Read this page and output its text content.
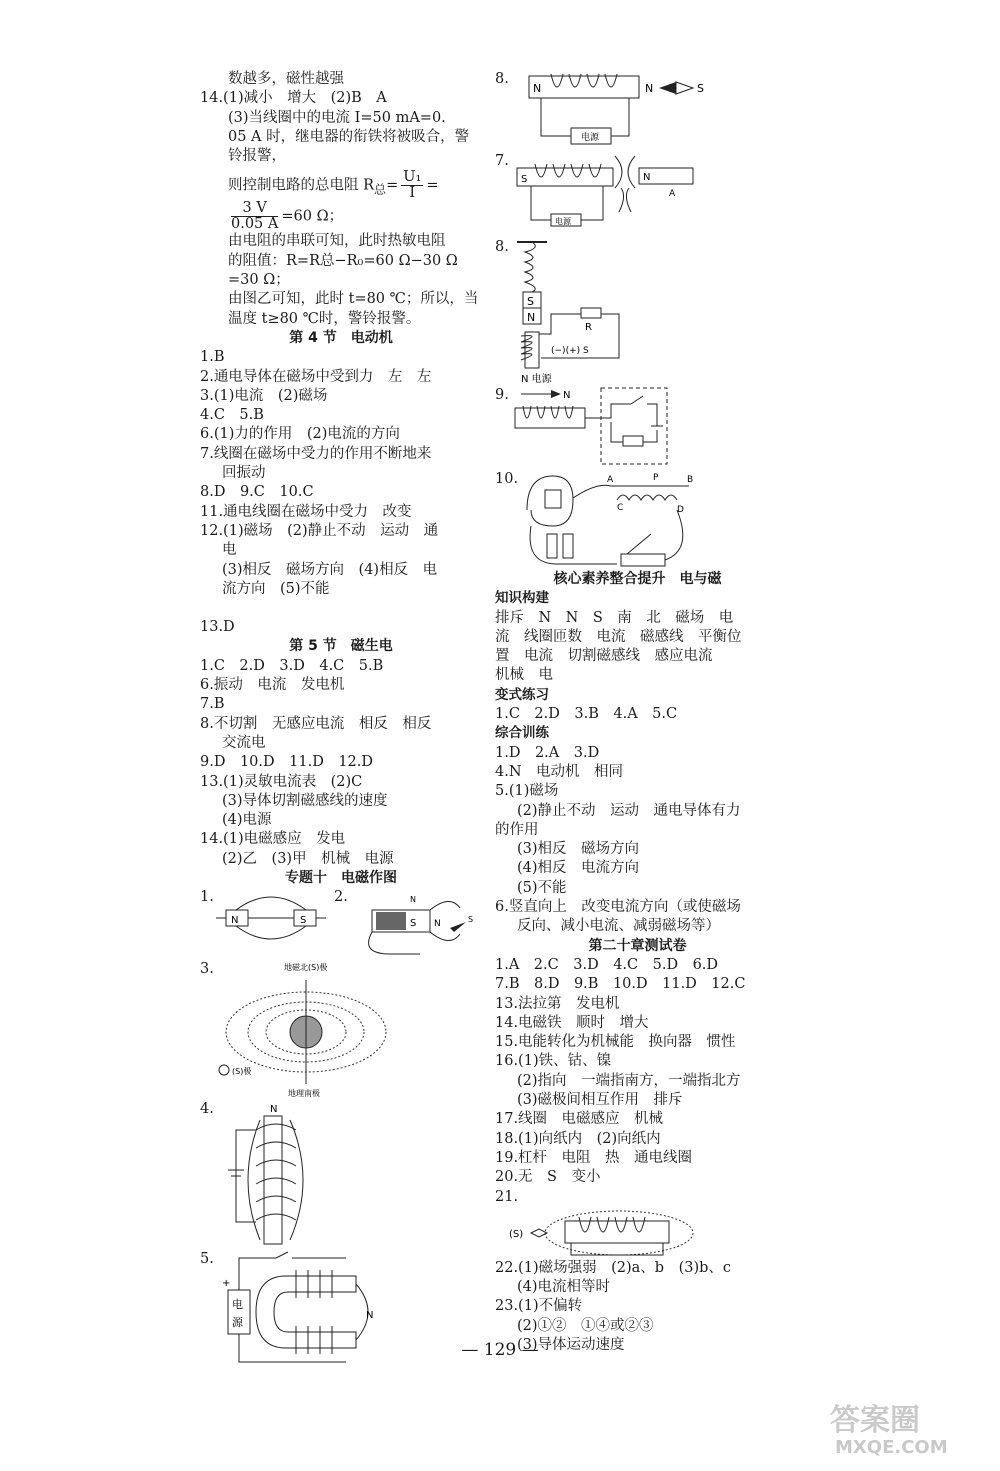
数越多，磁性越强
14.(1)减小　增大　(2)B　A
(3)当线圈中的电流 I=50 mA=0.
05 A 时，继电器的衔铁将被吸合，警
铃报警，
则控制电路的总电阻 $R_总= \frac{\text{U₁}}{I}$ =
$\frac{3 V}{0.05 A} =60$ Ω；
由电阻的串联可知，此时热敏电阻
的阻值：R=R总−R₀=60 Ω−30 Ω
=30 Ω；
由图乙可知，此时 t=80 ℃；所以，当
温度 t≥80 ℃时，警铃报警。
第 4 节　电动机
1.B
2.通电导体在磁场中受到力　左　左
3.(1)电流　(2)磁场
4.C　5.B
6.(1)力的作用　(2)电流的方向
7.线圈在磁场中受力的作用不断地来
回振动
8.D　9.C　10.C
11.通电线圈在磁场中受力　改变
12.(1)磁场　(2)静止不动　运动　通
电
(3)相反　磁场方向　(4)相反　电
流方向　(5)不能
13.D
第 5 节　磁生电
1.C　2.D　3.D　4.C　5.B
6.振动　电流　发电机
7.B
8.不切割　无感应电流　相反　相反
交流电
9.D　10.D　11.D　12.D
13.(1)灵敏电流表　(2)C
(3)导体切割磁感线的速度
(4)电源
14.(1)电磁感应　发电
(2)乙　(3)甲　机械　电源
专题十　电磁作图
1.
N	S
2.
S N
N
S
3.	地磁北(S)极
地理南极
(S)极
4.	N
5.
+
电
源
N
8.
N	N	S
电源
7.
S	N
A
电源
8.
S
N
R
(−)(+) S
N 电源
9.	N
10.	A	P	B
C	D
核心素养整合提升　电与磁
知识构建
排斥　N　N　S　南　北　磁场　电
流　线圈匝数　电流　磁感线　平衡位
置　电流　切割磁感线　感应电流
机械　电
变式练习
1.C　2.D　3.B　4.A　5.C
综合训练
1.D　2.A　3.D
4.N　电动机　相同
5.(1)磁场
(2)静止不动　运动　通电导体有力
的作用
(3)相反　磁场方向
(4)相反　电流方向
(5)不能
6.竖直向上　改变电流方向（或使磁场
反向、减小电流、减弱磁场等）
第二十章测试卷
1.A　2.C　3.D　4.C　5.D　6.D
7.B　8.D　9.B　10.D　11.D　12.C
13.法拉第　发电机
14.电磁铁　顺时　增大
15.电能转化为机械能　换向器　惯性
16.(1)铁、钴、镍
(2)指向　一端指南方，一端指北方
(3)磁极间相互作用　排斥
17.线圈　电磁感应　机械
18.(1)向纸内　(2)向纸内
19.杠杆　电阻　热　通电线圈
20.无　S　变小
21.
(S)
22.(1)磁场强弱　(2)a、b　(3)b、c
(4)电流相等时
23.(1)不偏转
(2)①②　①④或②③
(3)导体运动速度
— 129 —
答案圈
MXQE.COM
